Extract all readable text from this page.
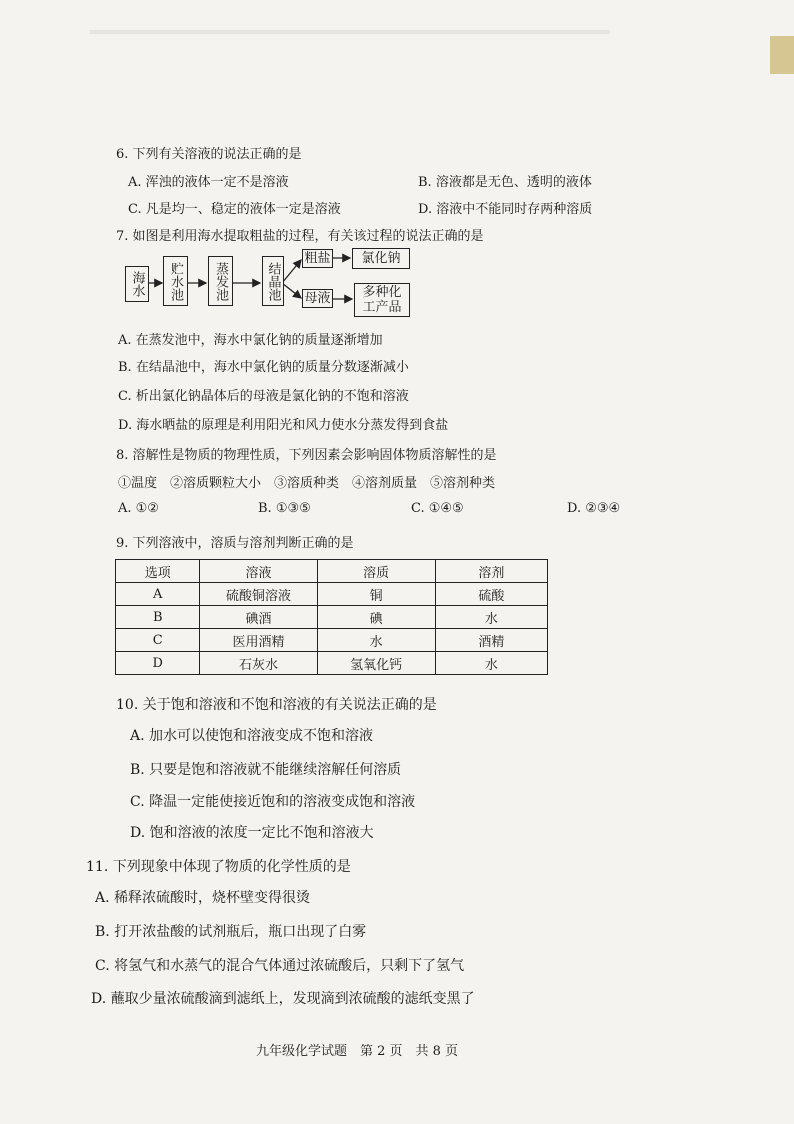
6. 下列有关溶液的说法正确的是
A. 浑浊的液体一定不是溶液	B. 溶液都是无色、透明的液体
C. 凡是均一、稳定的液体一定是溶液	D. 溶液中不能同时存两种溶质
7. 如图是利用海水提取粗盐的过程，有关该过程的说法正确的是
海水 贮水池 蒸发池	结晶池
粗盐 氯化钠
母液	多种化工产品
A. 在蒸发池中，海水中氯化钠的质量逐渐增加
B. 在结晶池中，海水中氯化钠的质量分数逐渐减小
C. 析出氯化钠晶体后的母液是氯化钠的不饱和溶液
D. 海水晒盐的原理是利用阳光和风力使水分蒸发得到食盐
8. 溶解性是物质的物理性质，下列因素会影响固体物质溶解性的是
①温度　②溶质颗粒大小　③溶质种类　④溶剂质量　⑤溶剂种类
A. ①②	B. ①③⑤	C. ①④⑤	D. ②③④
9. 下列溶液中，溶质与溶剂判断正确的是
选项	溶液	溶质	溶剂
A	硫酸铜溶液	铜	硫酸
B	碘酒	碘	水
C	医用酒精	水	酒精
D	石灰水	氢氧化钙	水
10. 关于饱和溶液和不饱和溶液的有关说法正确的是
A. 加水可以使饱和溶液变成不饱和溶液
B. 只要是饱和溶液就不能继续溶解任何溶质
C. 降温一定能使接近饱和的溶液变成饱和溶液
D. 饱和溶液的浓度一定比不饱和溶液大
11. 下列现象中体现了物质的化学性质的是
A. 稀释浓硫酸时，烧杯壁变得很烫
B. 打开浓盐酸的试剂瓶后，瓶口出现了白雾
C. 将氢气和水蒸气的混合气体通过浓硫酸后，只剩下了氢气
D. 蘸取少量浓硫酸滴到滤纸上，发现滴到浓硫酸的滤纸变黑了
九年级化学试题　第 2 页　共 8 页
